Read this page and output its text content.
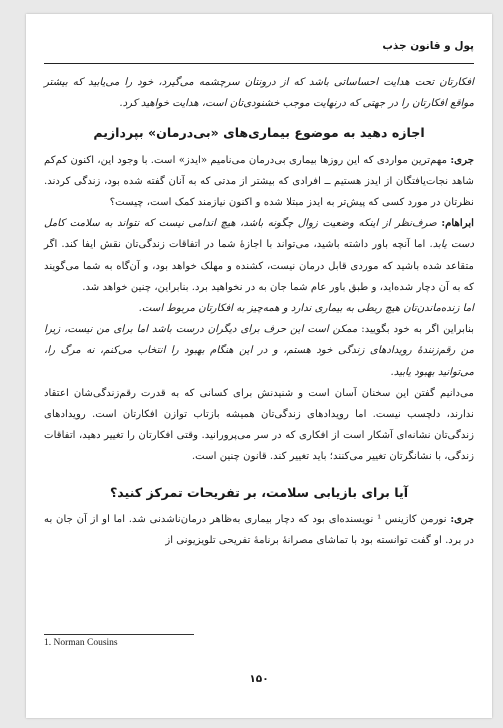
پول و قانون جذب

افکارتان تحت هدایت احساساتی باشد که از درونتان سرچشمه می‌گیرد، خود را می‌یابید که بیشتر مواقع افکارتان را در جهتی که درنهایت موجب خشنودی‌تان است، هدایت خواهید کرد.

اجازه دهید به موضوع بیماری‌های «بی‌درمان» بپردازیم

جری: مهم‌ترین مواردی که این روزها بیماری بی‌درمان می‌نامیم «ایدز» است. با وجود این، اکنون کم‌کم شاهد نجات‌یافتگان از ایدز هستیم ــ افرادی که بیشتر از مدتی که به آنان گفته شده بود، زندگی کردند. نظرتان در مورد کسی که پیش‌تر به ایدز مبتلا شده و اکنون نیازمند کمک است، چیست؟

ابراهام: صرف‌نظر از اینکه وضعیت زوال چگونه باشد، هیچ اندامی نیست که نتواند به سلامت کامل دست یابد. اما آنچه باور داشته باشید، می‌تواند با اجازهٔ شما در اتفاقات زندگی‌تان نقش ایفا کند. اگر متقاعد شده باشید که موردی قابل درمان نیست، کشنده و مهلک خواهد بود، و آن‌گاه به شما می‌گویند که به آن دچار شده‌اید، و طبق باور عام شما جان به در نخواهید برد. بنابراین، چنین خواهد شد.

اما زنده‌ماندن‌تان هیچ ربطی به بیماری ندارد و همه‌چیز به افکارتان مربوط است.

بنابراین اگر به خود بگویید: ممکن است این حرف برای دیگران درست باشد اما برای من نیست، زیرا من رقم‌زنندهٔ رویدادهای زندگی خود هستم، و در این هنگام بهبود را انتخاب می‌کنم، نه مرگ را، می‌توانید بهبود یابید.

می‌دانیم گفتن این سخنان آسان است و شنیدنش برای کسانی که به قدرت رقم‌زندگی‌شان اعتقاد ندارند، دلچسب نیست. اما رویدادهای زندگی‌تان همیشه بازتاب توازن افکارتان است. رویدادهای زندگی‌تان نشانه‌ای آشکار است از افکاری که در سر می‌پرورانید. وقتی افکارتان را تغییر دهید، اتفاقات زندگی، با نشانگرتان تغییر می‌کنند؛ باید تغییر کند. قانون چنین است.

آیا برای بازیابی سلامت، بر تفریحات تمرکز کنید؟

جری: نورمن کازینس ¹ نویسنده‌ای بود که دچار بیماری به‌ظاهر درمان‌ناشدنی شد. اما او از آن جان به در برد. او گفت توانسته بود با تماشای مصرانهٔ برنامهٔ تفریحی تلویزیونی از

1. Norman Cousins
۱۵۰
